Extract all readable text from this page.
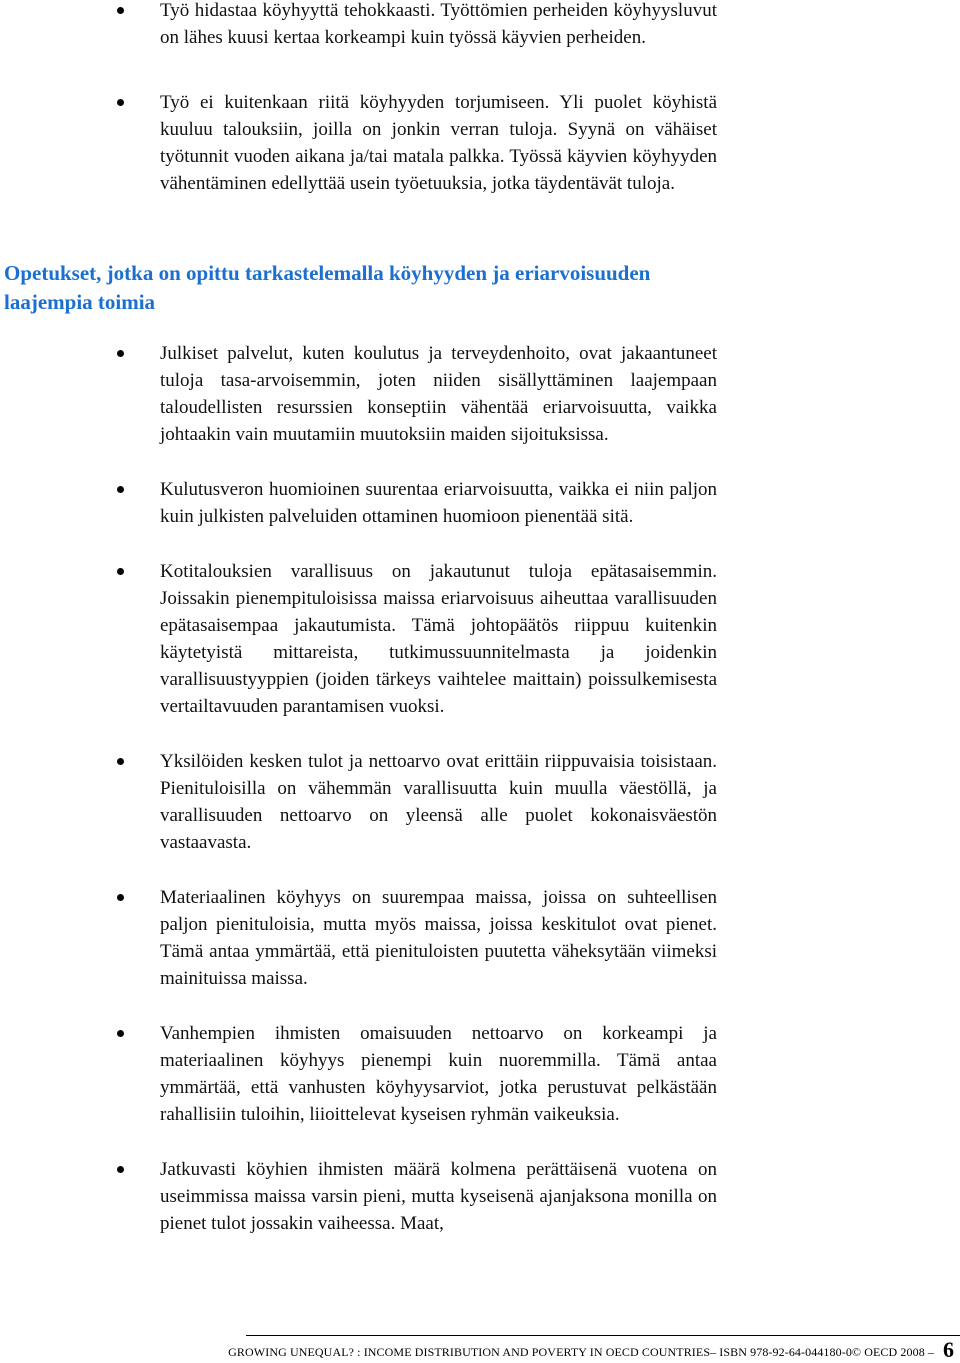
Työ hidastaa köyhyyttä tehokkaasti. Työttömien perheiden köyhyysluvut on lähes kuusi kertaa korkeampi kuin työssä käyvien perheiden.
Työ ei kuitenkaan riitä köyhyyden torjumiseen. Yli puolet köyhistä kuuluu talouksiin, joilla on jonkin verran tuloja. Syynä on vähäiset työtunnit vuoden aikana ja/tai matala palkka. Työssä käyvien köyhyyden vähentäminen edellyttää usein työetuuksia, jotka täydentävät tuloja.
Opetukset, jotka on opittu tarkastelemalla köyhyyden ja eriarvoisuuden laajempia toimia
Julkiset palvelut, kuten koulutus ja terveydenhoito, ovat jakaantuneet tuloja tasa-arvoisemmin, joten niiden sisällyttäminen laajempaan taloudellisten resurssien konseptiin vähentää eriarvoisuutta, vaikka johtaakin vain muutamiin muutoksiin maiden sijoituksissa.
Kulutusveron huomioinen suurentaa eriarvoisuutta, vaikka ei niin paljon kuin julkisten palveluiden ottaminen huomioon pienentää sitä.
Kotitalouksien varallisuus on jakautunut tuloja epätasaisemmin. Joissakin pienempituloisissa maissa eriarvoisuus aiheuttaa varallisuuden epätasaisempaa jakautumista. Tämä johtopäätös riippuu kuitenkin käytetyistä mittareista, tutkimussuunnitelmasta ja joidenkin varallisuustyyppien (joiden tärkeys vaihtelee maittain) poissulkemisesta vertailtavuuden parantamisen vuoksi.
Yksilöiden kesken tulot ja nettoarvo ovat erittäin riippuvaisia toisistaan. Pienituloisilla on vähemmän varallisuutta kuin muulla väestöllä, ja varallisuuden nettoarvo on yleensä alle puolet kokonaisväestön vastaavasta.
Materiaalinen köyhyys on suurempaa maissa, joissa on suhteellisen paljon pienituloisia, mutta myös maissa, joissa keskitulot ovat pienet. Tämä antaa ymmärtää, että pienituloisten puutetta väheksytään viimeksi mainituissa maissa.
Vanhempien ihmisten omaisuuden nettoarvo on korkeampi ja materiaalinen köyhyys pienempi kuin nuoremmilla. Tämä antaa ymmärtää, että vanhusten köyhyysarviot, jotka perustuvat pelkästään rahallisiin tuloihin, liioittelevat kyseisen ryhmän vaikeuksia.
Jatkuvasti köyhien ihmisten määrä kolmena perättäisenä vuotena on useimmissa maissa varsin pieni, mutta kyseisenä ajanjaksona monilla on pienet tulot jossakin vaiheessa. Maat,
GROWING UNEQUAL? : INCOME DISTRIBUTION AND POVERTY IN OECD COUNTRIES– ISBN 978-92-64-044180-0© OECD 2008 – 6
